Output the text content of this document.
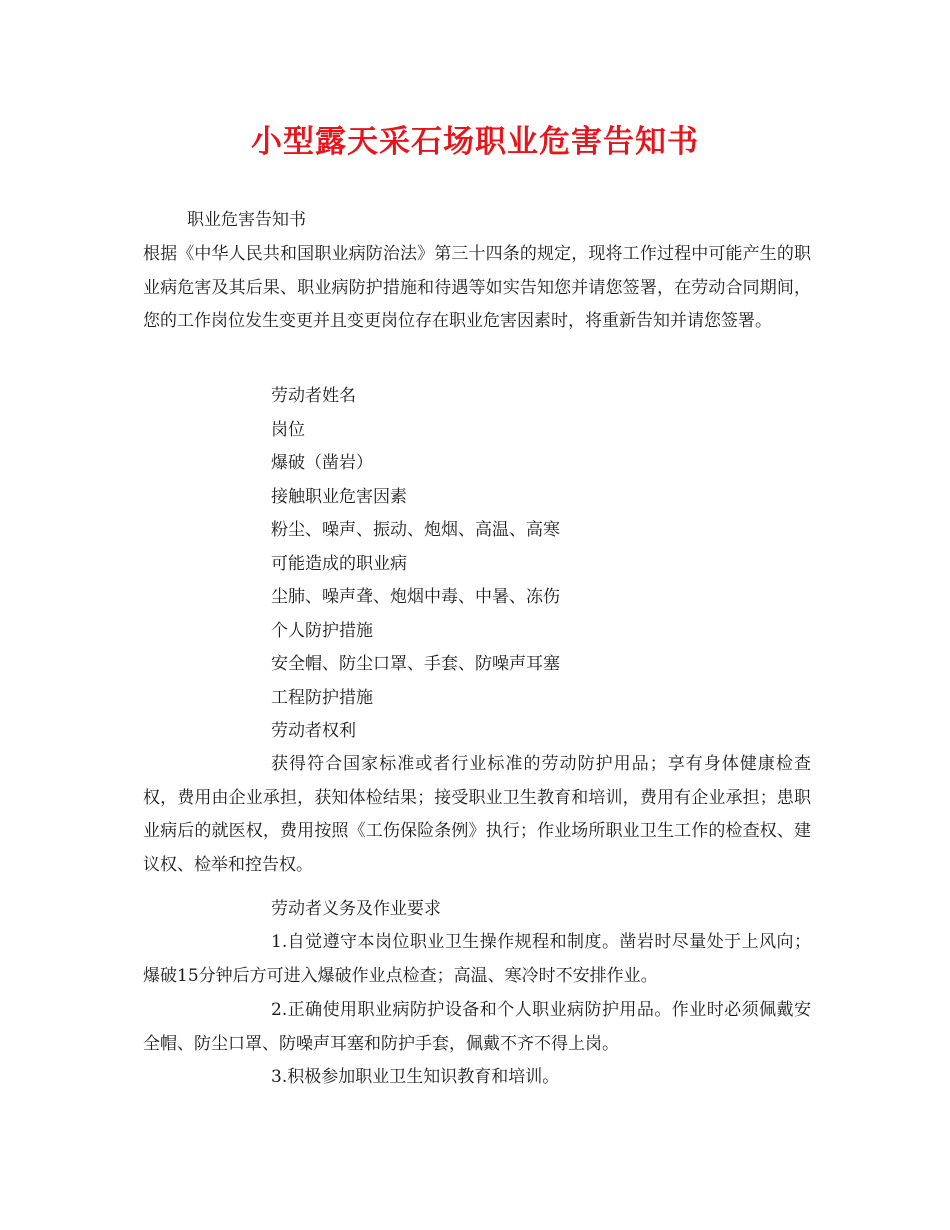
小型露天采石场职业危害告知书
职业危害告知书
根据《中华人民共和国职业病防治法》第三十四条的规定，现将工作过程中可能产生的职业病危害及其后果、职业病防护措施和待遇等如实告知您并请您签署，在劳动合同期间，您的工作岗位发生变更并且变更岗位存在职业危害因素时，将重新告知并请您签署。
劳动者姓名
岗位
爆破（凿岩）
接触职业危害因素
粉尘、噪声、振动、炮烟、高温、高寒
可能造成的职业病
尘肺、噪声聋、炮烟中毒、中暑、冻伤
个人防护措施
安全帽、防尘口罩、手套、防噪声耳塞
工程防护措施
劳动者权利
获得符合国家标准或者行业标准的劳动防护用品；享有身体健康检查权，费用由企业承担，获知体检结果；接受职业卫生教育和培训，费用有企业承担；患职业病后的就医权，费用按照《工伤保险条例》执行；作业场所职业卫生工作的检查权、建议权、检举和控告权。
劳动者义务及作业要求
1.自觉遵守本岗位职业卫生操作规程和制度。凿岩时尽量处于上风向；爆破15分钟后方可进入爆破作业点检查；高温、寒冷时不安排作业。
2.正确使用职业病防护设备和个人职业病防护用品。作业时必须佩戴安全帽、防尘口罩、防噪声耳塞和防护手套，佩戴不齐不得上岗。
3.积极参加职业卫生知识教育和培训。
